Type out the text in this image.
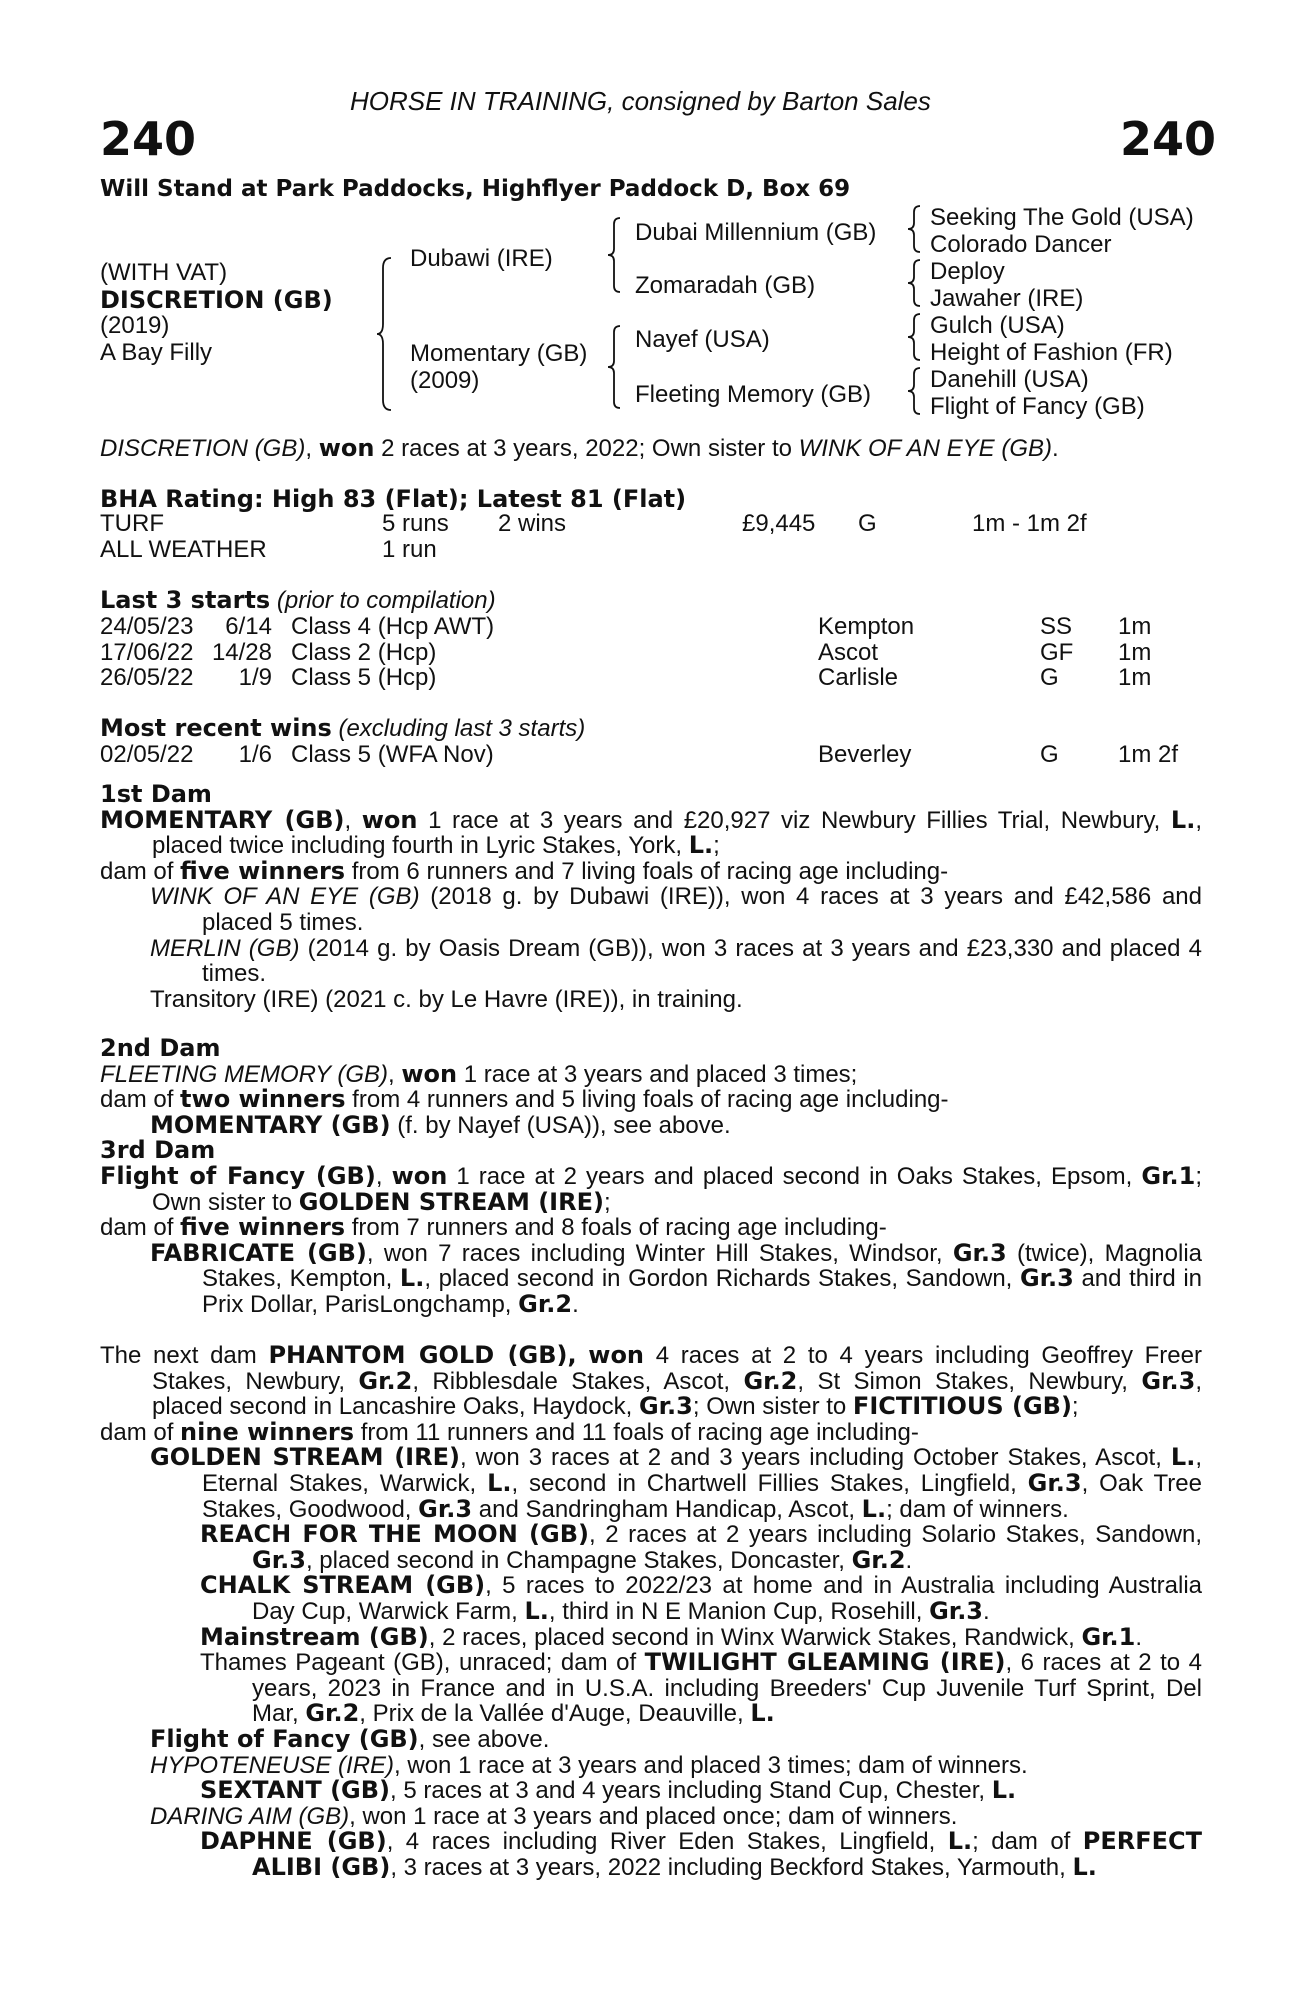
HORSE IN TRAINING, consigned by Barton Sales
240	240
Will Stand at Park Paddocks, Highflyer Paddock D, Box 69
(WITH VAT)
DISCRETION (GB)
(2019)
A Bay Filly
Dubawi (IRE)
Momentary (GB)
(2009)
Dubai Millennium (GB)
Zomaradah (GB)
Nayef (USA)
Fleeting Memory (GB)
Seeking The Gold (USA)
Colorado Dancer
Deploy
Jawaher (IRE)
Gulch (USA)
Height of Fashion (FR)
Danehill (USA)
Flight of Fancy (GB)
DISCRETION (GB), won 2 races at 3 years, 2022; Own sister to WINK OF AN EYE (GB).
BHA Rating: High 83 (Flat); Latest 81 (Flat)
TURF	5 runs 2 wins	£9,445 G	1m - 1m 2f
ALL WEATHER	1 run
Last 3 starts (prior to compilation)
24/05/23	6/14 Class 4 (Hcp AWT)	Kempton	SS 1m
17/06/22 14/28 Class 2 (Hcp)	Ascot	GF 1m
26/05/22	1/9 Class 5 (Hcp)	Carlisle	G 1m
Most recent wins (excluding last 3 starts)
02/05/22	1/6 Class 5 (WFA Nov)	Beverley	G 1m 2f

1st Dam

MOMENTARY (GB), won 1 race at 3 years and £20,927 viz Newbury Fillies Trial, Newbury, L., placed twice including fourth in Lyric Stakes, York, L.;

dam of five winners from 6 runners and 7 living foals of racing age including-

WINK OF AN EYE (GB) (2018 g. by Dubawi (IRE)), won 4 races at 3 years and £42,586 and placed 5 times.

MERLIN (GB) (2014 g. by Oasis Dream (GB)), won 3 races at 3 years and £23,330 and placed 4 times.

Transitory (IRE) (2021 c. by Le Havre (IRE)), in training.

2nd Dam

FLEETING MEMORY (GB), won 1 race at 3 years and placed 3 times;

dam of two winners from 4 runners and 5 living foals of racing age including-

MOMENTARY (GB) (f. by Nayef (USA)), see above.

3rd Dam

Flight of Fancy (GB), won 1 race at 2 years and placed second in Oaks Stakes, Epsom, Gr.1; Own sister to GOLDEN STREAM (IRE);

dam of five winners from 7 runners and 8 foals of racing age including-

FABRICATE (GB), won 7 races including Winter Hill Stakes, Windsor, Gr.3 (twice), Magnolia Stakes, Kempton, L., placed second in Gordon Richards Stakes, Sandown, Gr.3 and third in Prix Dollar, ParisLongchamp, Gr.2.

The next dam PHANTOM GOLD (GB), won 4 races at 2 to 4 years including Geoffrey Freer Stakes, Newbury, Gr.2, Ribblesdale Stakes, Ascot, Gr.2, St Simon Stakes, Newbury, Gr.3, placed second in Lancashire Oaks, Haydock, Gr.3; Own sister to FICTITIOUS (GB);

dam of nine winners from 11 runners and 11 foals of racing age including-

GOLDEN STREAM (IRE), won 3 races at 2 and 3 years including October Stakes, Ascot, L., Eternal Stakes, Warwick, L., second in Chartwell Fillies Stakes, Lingfield, Gr.3, Oak Tree Stakes, Goodwood, Gr.3 and Sandringham Handicap, Ascot, L.; dam of winners.

REACH FOR THE MOON (GB), 2 races at 2 years including Solario Stakes, Sandown, Gr.3, placed second in Champagne Stakes, Doncaster, Gr.2.

CHALK STREAM (GB), 5 races to 2022/23 at home and in Australia including Australia Day Cup, Warwick Farm, L., third in N E Manion Cup, Rosehill, Gr.3.

Mainstream (GB), 2 races, placed second in Winx Warwick Stakes, Randwick, Gr.1.

Thames Pageant (GB), unraced; dam of TWILIGHT GLEAMING (IRE), 6 races at 2 to 4 years, 2023 in France and in U.S.A. including Breeders' Cup Juvenile Turf Sprint, Del Mar, Gr.2, Prix de la Vallée d'Auge, Deauville, L.

Flight of Fancy (GB), see above.

HYPOTENEUSE (IRE), won 1 race at 3 years and placed 3 times; dam of winners.

SEXTANT (GB), 5 races at 3 and 4 years including Stand Cup, Chester, L.

DARING AIM (GB), won 1 race at 3 years and placed once; dam of winners.

DAPHNE (GB), 4 races including River Eden Stakes, Lingfield, L.; dam of PERFECT ALIBI (GB), 3 races at 3 years, 2022 including Beckford Stakes, Yarmouth, L.
